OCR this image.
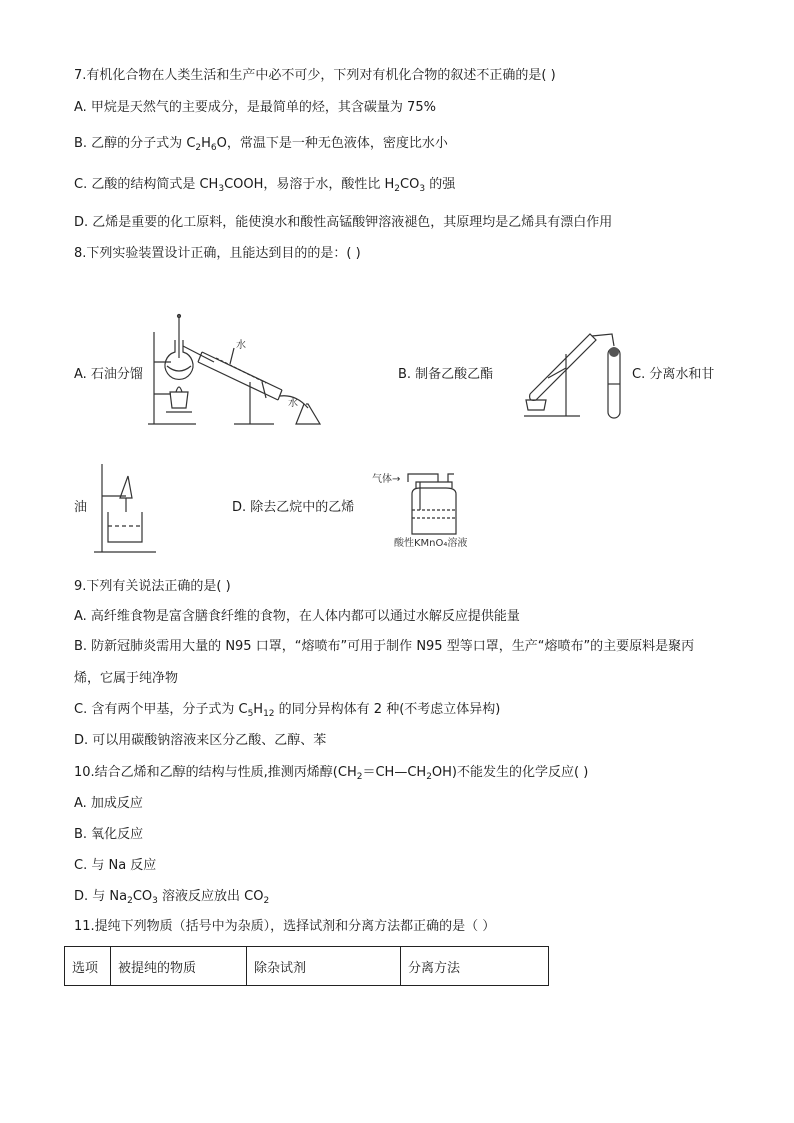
7.有机化合物在人类生活和生产中必不可少，下列对有机化合物的叙述不正确的是( )
A. 甲烷是天然气的主要成分，是最简单的烃，其含碳量为 75%
B. 乙醇的分子式为 $C_2H_6O$，常温下是一种无色液体，密度比水小
C. 乙酸的结构简式是 $CH_3COOH$，易溶于水，酸性比 $H_2CO_3$ 的强
D. 乙烯是重要的化工原料，能使溴水和酸性高锰酸钾溶液褪色，其原理均是乙烯具有漂白作用
8.下列实验装置设计正确，且能达到目的的是：( )
A. 石油分馏
水
水
B. 制备乙酸乙酯	C. 分离水和甘
油	D. 除去乙烷中的乙烯
气体→
酸性KMnO₄溶液
9.下列有关说法正确的是( )
A. 高纤维食物是富含膳食纤维的食物，在人体内都可以通过水解反应提供能量
B. 防新冠肺炎需用大量的 N95 口罩，“熔喷布”可用于制作 N95 型等口罩，生产“熔喷布”的主要原料是聚丙
烯，它属于纯净物
C. 含有两个甲基，分子式为 $C_5H_{12}$ 的同分异构体有 2 种(不考虑立体异构)
D. 可以用碳酸钠溶液来区分乙酸、乙醇、苯
10.结合乙烯和乙醇的结构与性质,推测丙烯醇$(CH_2=CH—CH_2OH)$不能发生的化学反应( )
A. 加成反应
B. 氧化反应
C. 与 Na 反应
D. 与 $Na_2CO_3$ 溶液反应放出 $CO_2$
11.提纯下列物质（括号中为杂质），选择试剂和分离方法都正确的是（ ）
选项	被提纯的物质	除杂试剂	分离方法
